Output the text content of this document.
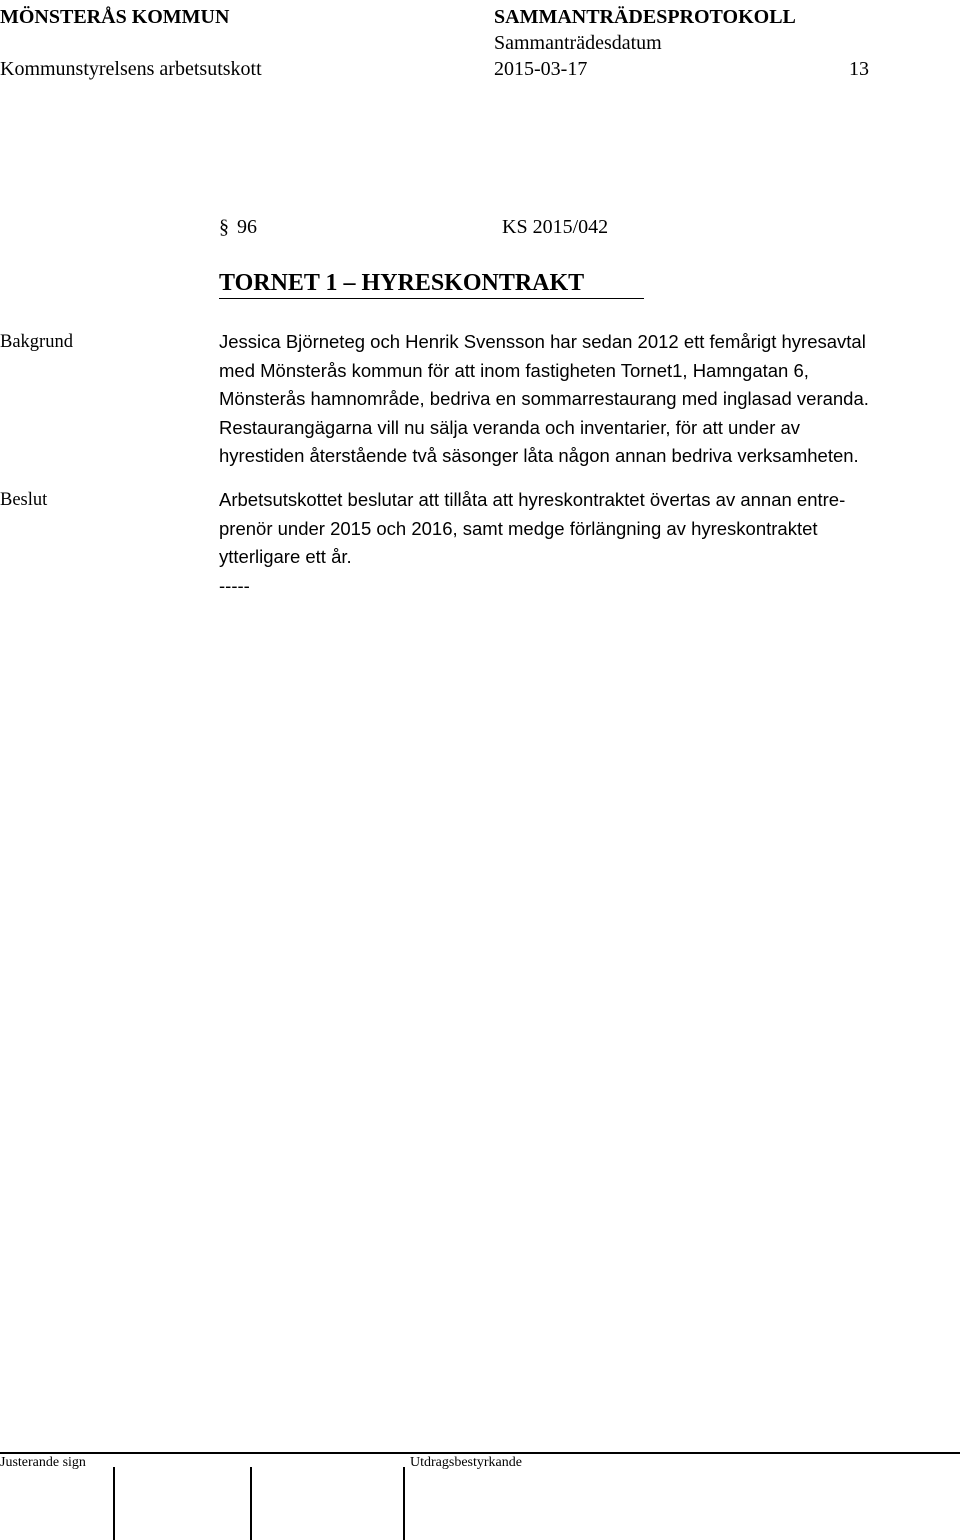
MÖNSTERÅS KOMMUN	SAMMANTRÄDESPROTOKOLL
Sammanträdesdatum
Kommunstyrelsens arbetsutskott	2015-03-17	13
§ 96	KS 2015/042
TORNET 1 – HYRESKONTRAKT
Bakgrund	Jessica Björneteg och Henrik Svensson har sedan 2012 ett femårigt hyresavtal
med Mönsterås kommun för att inom fastigheten Tornet1, Hamngatan 6,
Mönsterås hamnområde, bedriva en sommarrestaurang med inglasad veranda.
Restaurangägarna vill nu sälja veranda och inventarier, för att under av
hyrestiden återstående två säsonger låta någon annan bedriva verksamheten.
Beslut	Arbetsutskottet beslutar att tillåta att hyreskontraktet övertas av annan entre-
prenör under 2015 och 2016, samt medge förlängning av hyreskontraktet
ytterligare ett år.
-----
Justerande sign	Utdragsbestyrkande
